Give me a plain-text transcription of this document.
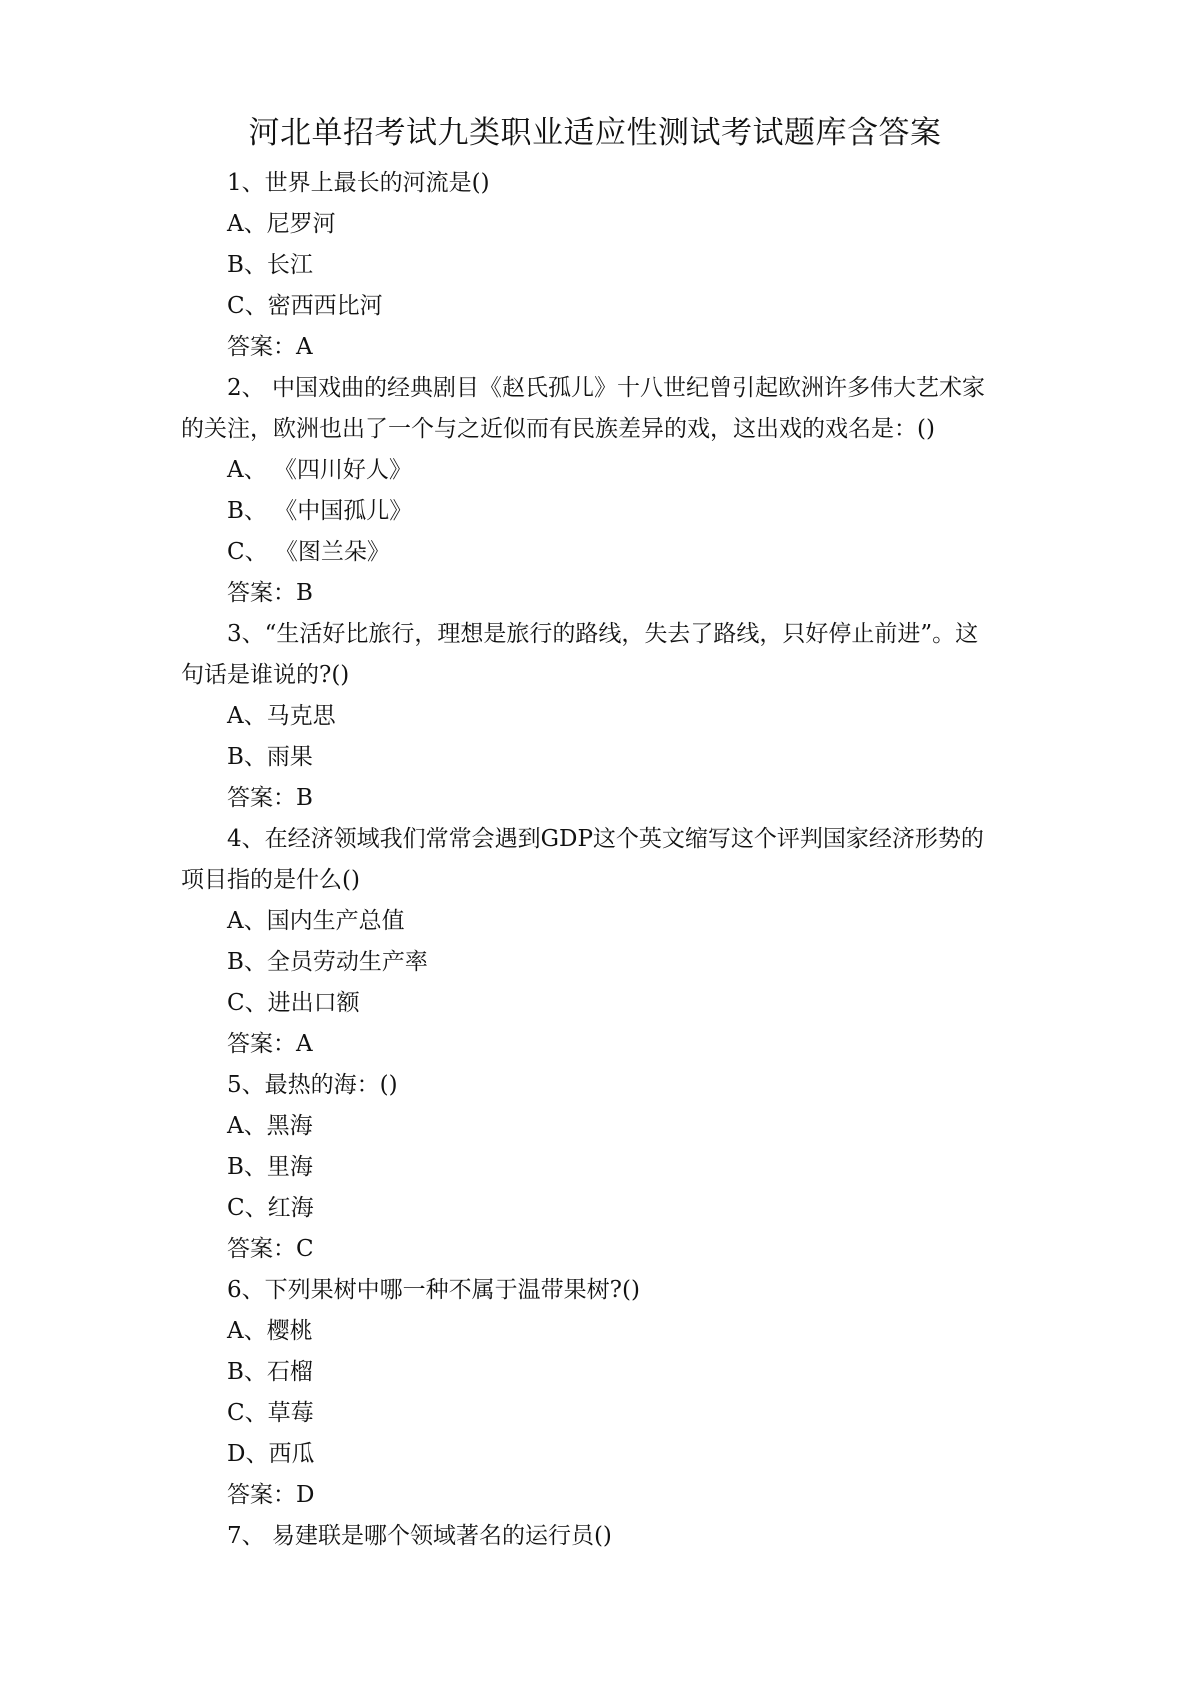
河北单招考试九类职业适应性测试考试题库含答案
1、世界上最长的河流是()
A、尼罗河
B、长江
C、密西西比河
答案：A
2、 中国戏曲的经典剧目《赵氏孤儿》十八世纪曾引起欧洲许多伟大艺术家
的关注，欧洲也出了一个与之近似而有民族差异的戏，这出戏的戏名是：()
A、 《四川好人》
B、 《中国孤儿》
C、 《图兰朵》
答案：B
3、“生活好比旅行，理想是旅行的路线，失去了路线，只好停止前进”。这
句话是谁说的?()
A、马克思
B、雨果
答案：B
4、在经济领域我们常常会遇到GDP这个英文缩写这个评判国家经济形势的
项目指的是什么()
A、国内生产总值
B、全员劳动生产率
C、进出口额
答案：A
5、最热的海：()
A、黑海
B、里海
C、红海
答案：C
6、下列果树中哪一种不属于温带果树?()
A、樱桃
B、石榴
C、草莓
D、西瓜
答案：D
7、 易建联是哪个领域著名的运行员()
